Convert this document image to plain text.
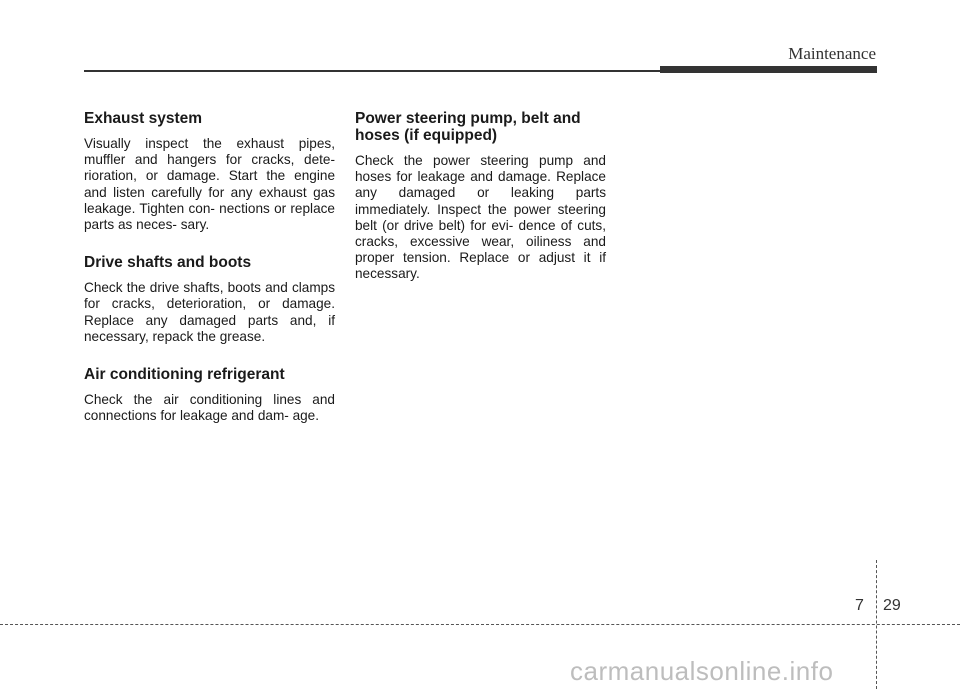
Maintenance
Exhaust system

Visually inspect the exhaust pipes, muffler and hangers for cracks, dete- rioration, or damage. Start the engine and listen carefully for any exhaust gas leakage. Tighten con- nections or replace parts as neces- sary.

Drive shafts and boots

Check the drive shafts, boots and clamps for cracks, deterioration, or damage. Replace any damaged parts and, if necessary, repack the grease.

Air conditioning refrigerant

Check the air conditioning lines and connections for leakage and dam- age.

Power steering pump, belt and hoses (if equipped)

Check the power steering pump and hoses for leakage and damage. Replace any damaged or leaking parts immediately. Inspect the power steering belt (or drive belt) for evi- dence of cuts, cracks, excessive wear, oiliness and proper tension. Replace or adjust it if necessary.

7 29
carmanualsonline.info
